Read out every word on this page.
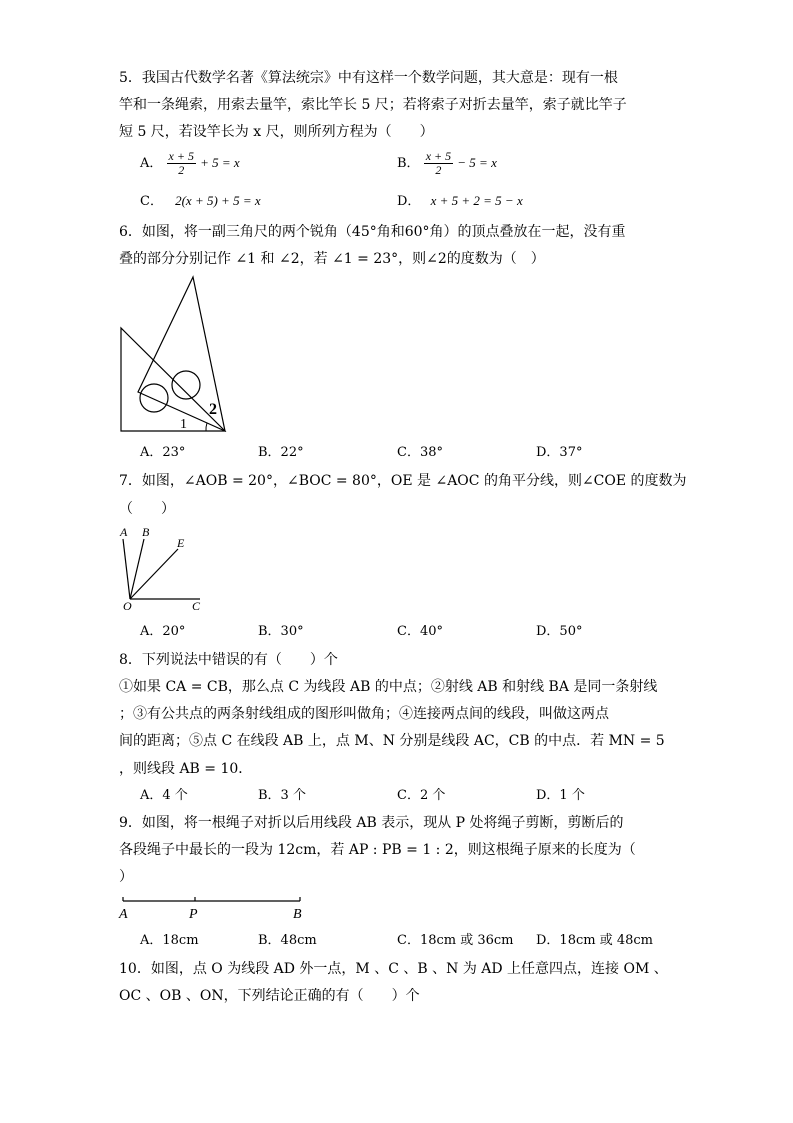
5．我国古代数学名著《算法统宗》中有这样一个数学问题，其大意是：现有一根
竿和一条绳索，用索去量竿，索比竿长 5 尺；若将索子对折去量竿，索子就比竿子
短 5 尺，若设竿长为 x 尺，则所列方程为（　　）
A． $\frac{x + 5}{2} + 5 = x$	B． $\frac{x + 5}{2} - 5 = x$
C． 2(x + 5) + 5 = x	D． x + 5 + 2 = 5 − x
6．如图，将一副三角尺的两个锐角（45°角和60°角）的顶点叠放在一起，没有重
叠的部分分别记作 ∠1 和 ∠2，若 ∠1 = 23°，则∠2的度数为（　）
1
2
A．23°	B．22°	C．38°	D．37°
7．如图，∠AOB = 20°，∠BOC = 80°，OE 是 ∠AOC 的角平分线，则∠COE 的度数为
（　　）
A B
E
O	C
A．20°	B．30°	C．40°	D．50°
8．下列说法中错误的有（　　）个
①如果 CA = CB，那么点 C 为线段 AB 的中点；②射线 AB 和射线 BA 是同一条射线
；③有公共点的两条射线组成的图形叫做角；④连接两点间的线段，叫做这两点
间的距离；⑤点 C 在线段 AB 上，点 M、N 分别是线段 AC，CB 的中点．若 MN = 5
，则线段 AB = 10．
A．4 个	B．3 个	C．2 个	D．1 个
9．如图，将一根绳子对折以后用线段 AB 表示，现从 P 处将绳子剪断，剪断后的
各段绳子中最长的一段为 12cm，若 AP : PB = 1 : 2，则这根绳子原来的长度为（
）
A	P	B
A．18cm	B．48cm	C．18cm 或 36cm D．18cm 或 48cm
10．如图，点 O 为线段 AD 外一点，M 、C 、B 、N 为 AD 上任意四点，连接 OM 、
OC 、OB 、ON，下列结论正确的有（　　）个
